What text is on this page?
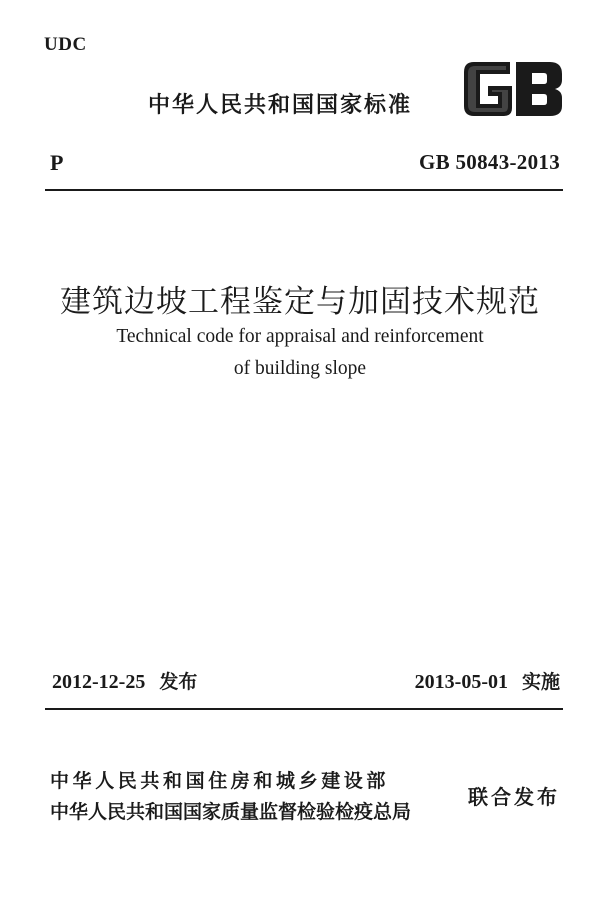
UDC
中华人民共和国国家标准
P	GB 50843-2013
建筑边坡工程鉴定与加固技术规范
Technical code for appraisal and reinforcement
of building slope
2012-12-25 发布	2013-05-01 实施
中华人民共和国住房和城乡建设部
中华人民共和国国家质量监督检验检疫总局
联合发布
